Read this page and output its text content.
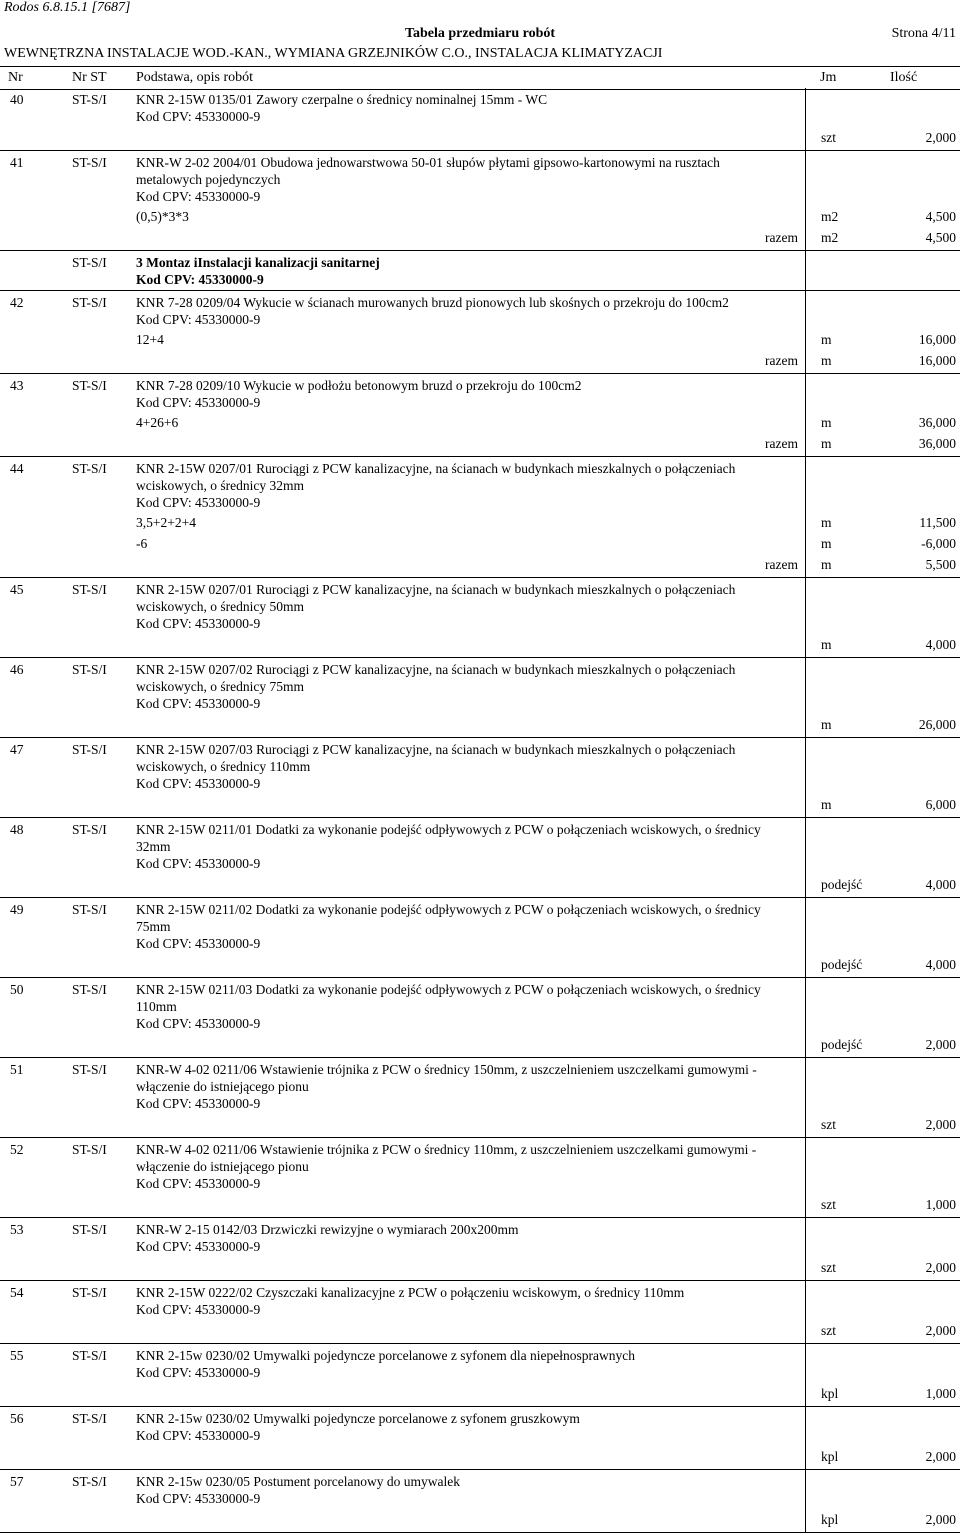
Rodos 6.8.15.1 [7687]
Tabela przedmiaru robót	Strona 4/11
WEWNĘTRZNA INSTALACJE WOD.-KAN., WYMIANA GRZEJNIKÓW C.O., INSTALACJA KLIMATYZACJI
Nr	Nr ST Podstawa, opis robót	Jm	Ilość
40	ST-S/I KNR 2-15W 0135/01 Zawory czerpalne o średnicy nominalnej 15mm - WC
Kod CPV: 45330000-9
szt	2,000
41	ST-S/I KNR-W 2-02 2004/01 Obudowa jednowarstwowa 50-01 słupów płytami gipsowo-kartonowymi na rusztach metalowych pojedynczych
Kod CPV: 45330000-9
(0,5)*3*3	m2	4,500
razem m2	4,500
ST-S/I 3 Montaz iInstalacji kanalizacji sanitarnej
Kod CPV: 45330000-9
42	ST-S/I KNR 7-28 0209/04 Wykucie w ścianach murowanych bruzd pionowych lub skośnych o przekroju do 100cm2
Kod CPV: 45330000-9
12+4	m	16,000
razem m	16,000
43	ST-S/I KNR 7-28 0209/10 Wykucie w podłożu betonowym bruzd o przekroju do 100cm2
Kod CPV: 45330000-9
4+26+6	m	36,000
razem m	36,000
44	ST-S/I KNR 2-15W 0207/01 Rurociągi z PCW kanalizacyjne, na ścianach w budynkach mieszkalnych o połączeniach wciskowych, o średnicy 32mm
Kod CPV: 45330000-9
3,5+2+2+4	m	11,500
-6	m	-6,000
razem m	5,500
45	ST-S/I KNR 2-15W 0207/01 Rurociągi z PCW kanalizacyjne, na ścianach w budynkach mieszkalnych o połączeniach wciskowych, o średnicy 50mm
Kod CPV: 45330000-9
m	4,000
46	ST-S/I KNR 2-15W 0207/02 Rurociągi z PCW kanalizacyjne, na ścianach w budynkach mieszkalnych o połączeniach wciskowych, o średnicy 75mm
Kod CPV: 45330000-9
m	26,000
47	ST-S/I KNR 2-15W 0207/03 Rurociągi z PCW kanalizacyjne, na ścianach w budynkach mieszkalnych o połączeniach wciskowych, o średnicy 110mm
Kod CPV: 45330000-9
m	6,000
48	ST-S/I KNR 2-15W 0211/01 Dodatki za wykonanie podejść odpływowych z PCW o połączeniach wciskowych, o średnicy 32mm
Kod CPV: 45330000-9
podejść	4,000
49	ST-S/I KNR 2-15W 0211/02 Dodatki za wykonanie podejść odpływowych z PCW o połączeniach wciskowych, o średnicy 75mm
Kod CPV: 45330000-9
podejść	4,000
50	ST-S/I KNR 2-15W 0211/03 Dodatki za wykonanie podejść odpływowych z PCW o połączeniach wciskowych, o średnicy 110mm
Kod CPV: 45330000-9
podejść	2,000
51	ST-S/I KNR-W 4-02 0211/06 Wstawienie trójnika z PCW o średnicy 150mm, z uszczelnieniem uszczelkami gumowymi - włączenie do istniejącego pionu
Kod CPV: 45330000-9
szt	2,000
52	ST-S/I KNR-W 4-02 0211/06 Wstawienie trójnika z PCW o średnicy 110mm, z uszczelnieniem uszczelkami gumowymi - włączenie do istniejącego pionu
Kod CPV: 45330000-9
szt	1,000
53	ST-S/I KNR-W 2-15 0142/03 Drzwiczki rewizyjne o wymiarach 200x200mm
Kod CPV: 45330000-9
szt	2,000
54	ST-S/I KNR 2-15W 0222/02 Czyszczaki kanalizacyjne z PCW o połączeniu wciskowym, o średnicy 110mm
Kod CPV: 45330000-9
szt	2,000
55	ST-S/I KNR 2-15w 0230/02 Umywalki pojedyncze porcelanowe z syfonem dla niepełnosprawnych
Kod CPV: 45330000-9
kpl	1,000
56	ST-S/I KNR 2-15w 0230/02 Umywalki pojedyncze porcelanowe z syfonem gruszkowym
Kod CPV: 45330000-9
kpl	2,000
57	ST-S/I KNR 2-15w 0230/05 Postument porcelanowy do umywalek
Kod CPV: 45330000-9
kpl	2,000
